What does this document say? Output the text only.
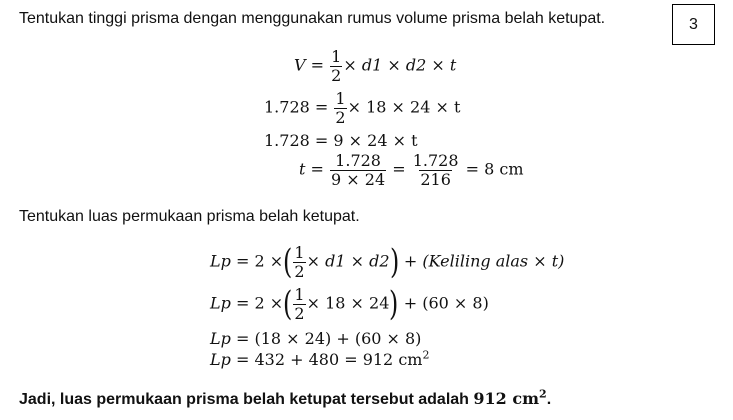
Tentukan tinggi prisma dengan menggunakan rumus volume prisma belah ketupat.	3
$V = \frac{1}{2} \times d1 \times d2 \times t$
$1.728 = \frac{1}{2} \times 18 \times 24 \times t$
1.728 = 9 × 24 × t
$t = \frac{1.728}{9 \times 24} = \frac{1.728}{216} = 8$ cm
Tentukan luas permukaan prisma belah ketupat.
Lp = 2 ×( $\frac{1}{2} \times d1 \times d2$) + (Keliling alas × t)
Lp = 2 ×( $\frac{1}{2} \times 18 \times 24) + (60 \times 8)$
Lp = (18 × 24) + (60 × 8)
Lp = 432 + 480 = 912 $cm^2$
Jadi, luas permukaan prisma belah ketupat tersebut adalah 912 $cm^2$.
